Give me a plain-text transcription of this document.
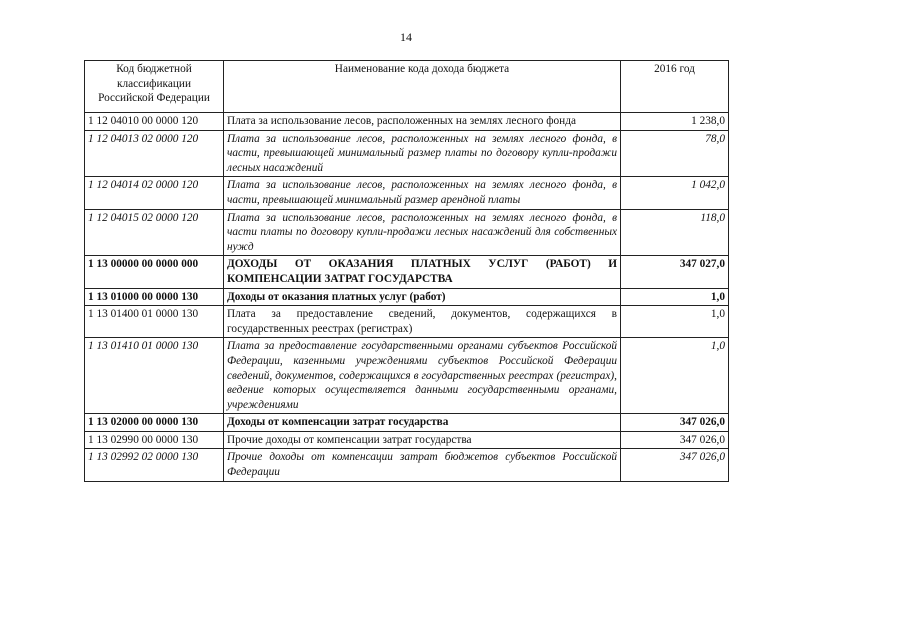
14
Код бюджетной классификации Российской Федерации	Наименование кода дохода бюджета	2016 год
1 12 04010 00 0000 120	Плата за использование лесов, расположенных на землях лесного фонда	1 238,0
1 12 04013 02 0000 120	Плата за использование лесов, расположенных на землях лесного фонда, в части, превышающей минимальный размер платы по договору купли-продажи лесных насаждений	78,0
1 12 04014 02 0000 120	Плата за использование лесов, расположенных на землях лесного фонда, в части, превышающей минимальный размер арендной платы	1 042,0
1 12 04015 02 0000 120	Плата за использование лесов, расположенных на землях лесного фонда, в части платы по договору купли-продажи лесных насаждений для собственных нужд	118,0
1 13 00000 00 0000 000	ДОХОДЫ ОТ ОКАЗАНИЯ ПЛАТНЫХ УСЛУГ (РАБОТ) И КОМПЕНСАЦИИ ЗАТРАТ ГОСУДАРСТВА	347 027,0
1 13 01000 00 0000 130	Доходы от оказания платных услуг (работ)	1,0
1 13 01400 01 0000 130	Плата за предоставление сведений, документов, содержащихся в государственных реестрах (регистрах)	1,0
1 13 01410 01 0000 130	Плата за предоставление государственными органами субъектов Российской Федерации, казенными учреждениями субъектов Российской Федерации сведений, документов, содержащихся в государственных реестрах (регистрах), ведение которых осуществляется данными государственными органами, учреждениями	1,0
1 13 02000 00 0000 130	Доходы от компенсации затрат государства	347 026,0
1 13 02990 00 0000 130	Прочие доходы от компенсации затрат государства	347 026,0
1 13 02992 02 0000 130	Прочие доходы от компенсации затрат бюджетов субъектов Российской Федерации	347 026,0
